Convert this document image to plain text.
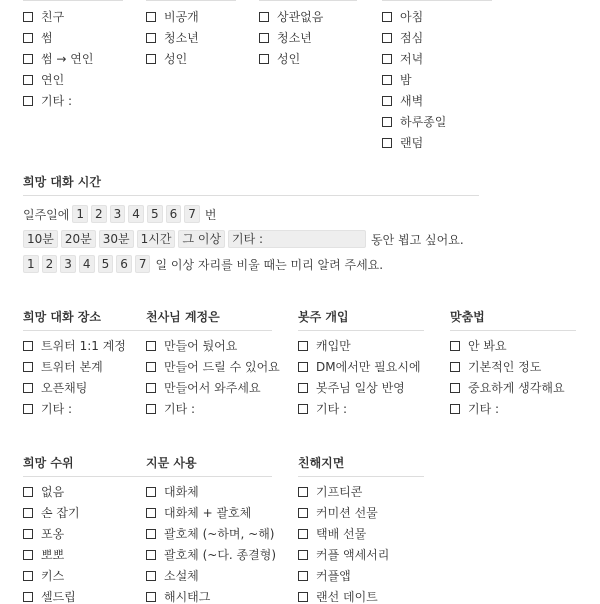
친구
썸
썸 → 연인
연인
기타 :
비공개
청소년
성인
상관없음
청소년
성인
아침
점심
저녁
밤
새벽
하루종일
랜덤
희망 대화 시간
일주일에 1 2 3 4 5 6 7 번
10분 20분 30분 1시간 그 이상 기타 :	동안 뵙고 싶어요.
1 2 3 4 5 6 7 일 이상 자리를 비울 때는 미리 알려 주세요.
희망 대화 장소
트위터 1:1 계정
트위터 본계
오픈채팅
기타 :
천사님 계정은
만들어 뒀어요
만들어 드릴 수 있어요
만들어서 와주세요
기타 :
봇주 개입
캐입만
DM에서만 필요시에
봇주님 일상 반영
기타 :
맞춤법
안 봐요
기본적인 정도
중요하게 생각해요
기타 :
희망 수위
없음
손 잡기
포옹
뽀뽀
키스
셀드립
지문 사용
대화체
대화체 + 괄호체
괄호체 (~하며, ~해)
괄호체 (~다. 종결형)
소설체
해시태그
친해지면
기프티콘
커미션 선물
택배 선물
커플 액세서리
커플앱
랜선 데이트
